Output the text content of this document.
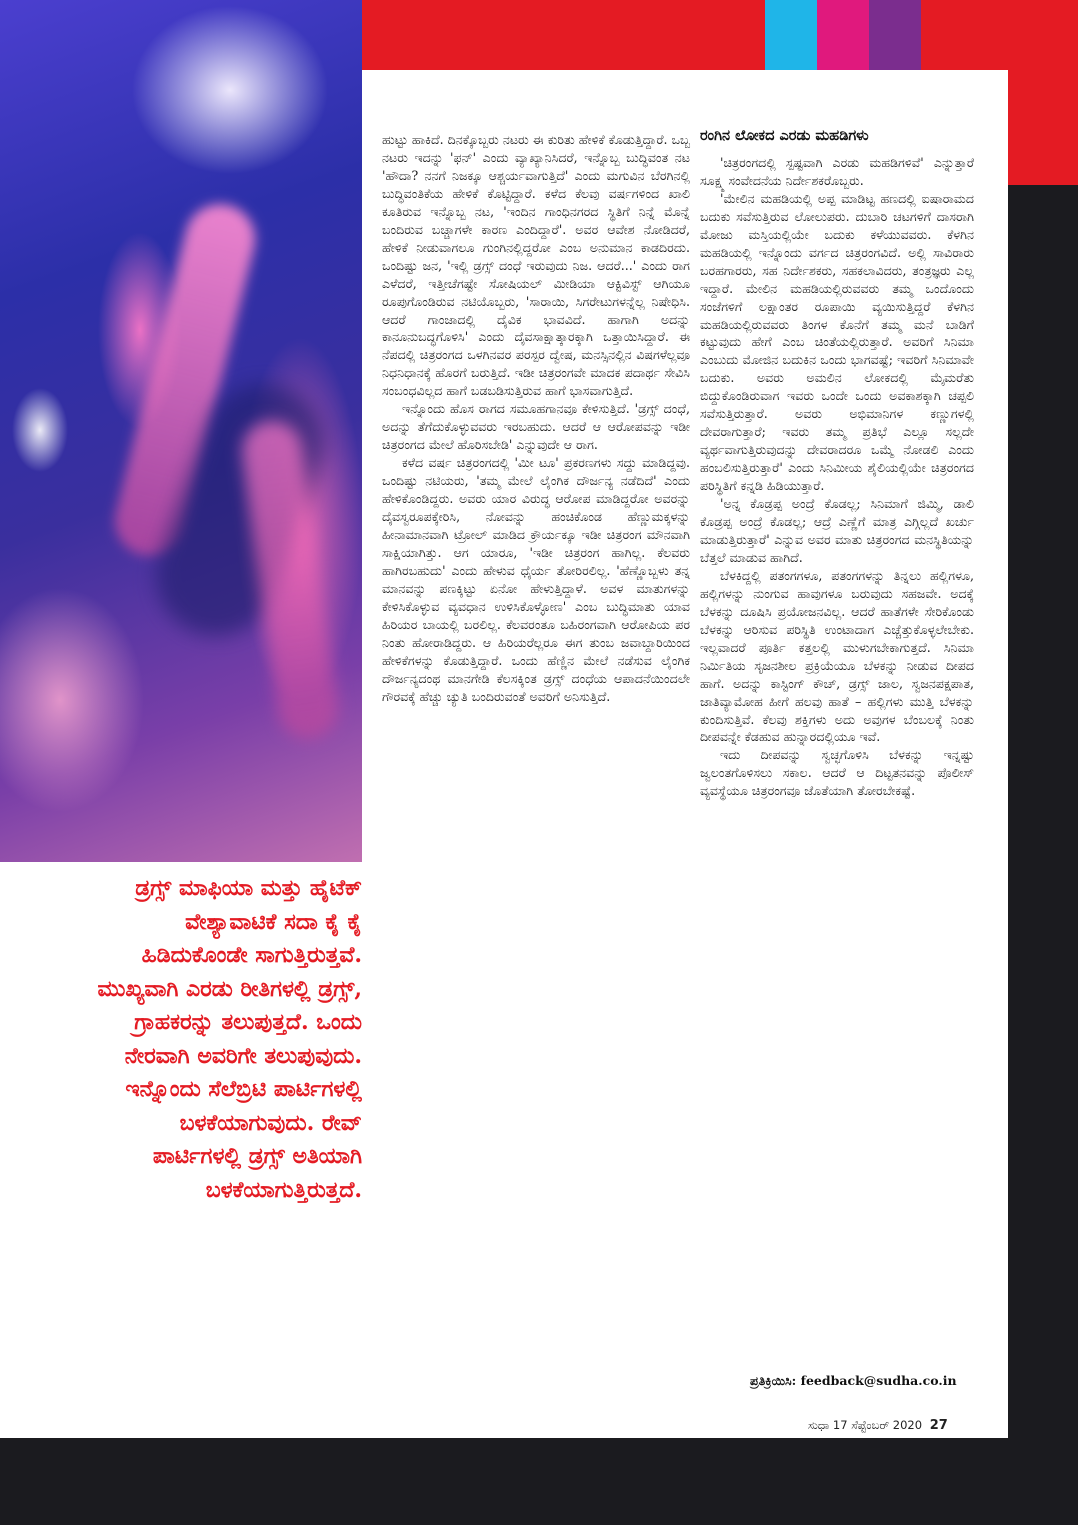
ಡ್ರಗ್ಸ್ ಮಾಫಿಯಾ ಮತ್ತು ಹೈಟೆಕ್ ವೇಶ್ಯಾವಾಟಿಕೆ ಸದಾ ಕೈ ಕೈ ಹಿಡಿದುಕೊಂಡೇ ಸಾಗುತ್ತಿರುತ್ತವೆ. ಮುಖ್ಯವಾಗಿ ಎರಡು ರೀತಿಗಳಲ್ಲಿ ಡ್ರಗ್ಸ್, ಗ್ರಾಹಕರನ್ನು ತಲುಪುತ್ತದೆ. ಒಂದು ನೇರವಾಗಿ ಅವರಿಗೇ ತಲುಪುವುದು. ಇನ್ನೊಂದು ಸೆಲೆಬ್ರಿಟಿ ಪಾರ್ಟಿಗಳಲ್ಲಿ ಬಳಕೆಯಾಗುವುದು. ರೇವ್ ಪಾರ್ಟಿಗಳಲ್ಲಿ ಡ್ರಗ್ಸ್ ಅತಿಯಾಗಿ ಬಳಕೆಯಾಗುತ್ತಿರುತ್ತದೆ.

ಹುಟ್ಟು ಹಾಕಿದೆ. ದಿನಕ್ಕೊಬ್ಬರು ನಟರು ಈ ಕುರಿತು ಹೇಳಿಕೆ ಕೊಡುತ್ತಿದ್ದಾರೆ. ಒಬ್ಬ ನಟರು ಇದನ್ನು 'ಫನ್' ಎಂದು ವ್ಯಾಖ್ಯಾನಿಸಿದರೆ, ಇನ್ನೊಬ್ಬ ಬುದ್ಧಿವಂತ ನಟ 'ಹೌದಾ? ನನಗೆ ನಿಜಕ್ಕೂ ಆಶ್ಚರ್ಯವಾಗುತ್ತಿದೆ' ಎಂದು ಮಗುವಿನ ಬೆರಗಿನಲ್ಲಿ ಬುದ್ಧಿವಂತಿಕೆಯ ಹೇಳಿಕೆ ಕೊಟ್ಟಿದ್ದಾರೆ. ಕಳೆದ ಕೆಲವು ವರ್ಷಗಳಿಂದ ಖಾಲಿ ಕೂತಿರುವ ಇನ್ನೊಬ್ಬ ನಟ, 'ಇಂದಿನ ಗಾಂಧಿನಗರದ ಸ್ಥಿತಿಗೆ ನಿನ್ನೆ ಮೊನ್ನೆ ಬಂದಿರುವ ಬಚ್ಚಾಗಳೇ ಕಾರಣ ಎಂದಿದ್ದಾರೆ'. ಅವರ ಆವೇಶ ನೋಡಿದರೆ, ಹೇಳಿಕೆ ನೀಡುವಾಗಲೂ ಗುಂಗಿನಲ್ಲಿದ್ದರೋ ಎಂಬ ಅನುಮಾನ ಕಾಡದಿರದು. ಒಂದಿಷ್ಟು ಜನ, 'ಇಲ್ಲಿ ಡ್ರಗ್ಸ್ ದಂಧೆ ಇರುವುದು ನಿಜ. ಆದರೆ...' ಎಂದು ರಾಗ ಎಳೆದರೆ, ಇತ್ತೀಚೆಗಷ್ಟೇ ಸೋಷಿಯಲ್ ಮೀಡಿಯಾ ಆಕ್ಟಿವಿಸ್ಟ್ ಆಗಿಯೂ ರೂಪುಗೊಂಡಿರುವ ನಟಿಯೊಬ್ಬರು, 'ಸಾರಾಯಿ, ಸಿಗರೇಟುಗಳನ್ನೆಲ್ಲ ನಿಷೇಧಿಸಿ. ಆದರೆ ಗಾಂಜಾದಲ್ಲಿ ದೈವಿಕ ಭಾವವಿದೆ. ಹಾಗಾಗಿ ಅದನ್ನು ಕಾನೂನುಬದ್ಧಗೊಳಿಸಿ' ಎಂದು ದೈವಸಾಕ್ಷಾತ್ಕಾರಕ್ಕಾಗಿ ಒತ್ತಾಯಿಸಿದ್ದಾರೆ. ಈ ನೆಪದಲ್ಲಿ ಚಿತ್ರರಂಗದ ಒಳಗಿನವರ ಪರಸ್ಪರ ದ್ವೇಷ, ಮನಸ್ಸಿನಲ್ಲಿನ ವಿಷಗಳೆಲ್ಲವೂ ನಿಧನಿಧಾನಕ್ಕೆ ಹೊರಗೆ ಬರುತ್ತಿದೆ. ಇಡೀ ಚಿತ್ರರಂಗವೇ ಮಾದಕ ಪದಾರ್ಥ ಸೇವಿಸಿ ಸಂಬಂಧವಿಲ್ಲದ ಹಾಗೆ ಬಡಬಡಿಸುತ್ತಿರುವ ಹಾಗೆ ಭಾಸವಾಗುತ್ತಿದೆ.

ಇನ್ನೊಂದು ಹೊಸ ರಾಗದ ಸಮೂಹಗಾನವೂ ಕೇಳಿಸುತ್ತಿದೆ. 'ಡ್ರಗ್ಸ್ ದಂಧೆ, ಅದನ್ನು ತೆಗೆದುಕೊಳ್ಳುವವರು ಇರಬಹುದು. ಆದರೆ ಆ ಆರೋಪವನ್ನು ಇಡೀ ಚಿತ್ರರಂಗದ ಮೇಲೆ ಹೊರಿಸಬೇಡಿ' ಎನ್ನುವುದೇ ಆ ರಾಗ.

ಕಳೆದ ವರ್ಷ ಚಿತ್ರರಂಗದಲ್ಲಿ 'ಮೀ ಟೂ' ಪ್ರಕರಣಗಳು ಸದ್ದು ಮಾಡಿದ್ದವು. ಒಂದಿಷ್ಟು ನಟಿಯರು, 'ತಮ್ಮ ಮೇಲೆ ಲೈಂಗಿಕ ದೌರ್ಜನ್ಯ ನಡೆದಿದೆ' ಎಂದು ಹೇಳಿಕೊಂಡಿದ್ದರು. ಅವರು ಯಾರ ವಿರುದ್ಧ ಆರೋಪ ಮಾಡಿದ್ದರೋ ಅವರನ್ನು ದೈವಸ್ವರೂಪಕ್ಕೇರಿಸಿ, ನೋವನ್ನು ಹಂಚಿಕೊಂಡ ಹೆಣ್ಣುಮಕ್ಕಳನ್ನು ಹೀನಾಮಾನವಾಗಿ ಟ್ರೋಲ್ ಮಾಡಿದ ಕ್ರೌರ್ಯಕ್ಕೂ ಇಡೀ ಚಿತ್ರರಂಗ ಮೌನವಾಗಿ ಸಾಕ್ಷಿಯಾಗಿತ್ತು. ಆಗ ಯಾರೂ, 'ಇಡೀ ಚಿತ್ರರಂಗ ಹಾಗಿಲ್ಲ. ಕೆಲವರು ಹಾಗಿರಬಹುದು' ಎಂದು ಹೇಳುವ ಧೈರ್ಯ ತೋರಿರಲಿಲ್ಲ. 'ಹೆಣ್ಣೊಬ್ಬಳು ತನ್ನ ಮಾನವನ್ನು ಪಣಕ್ಕಿಟ್ಟು ಏನೋ ಹೇಳುತ್ತಿದ್ದಾಳೆ. ಅವಳ ಮಾತುಗಳನ್ನು ಕೇಳಿಸಿಕೊಳ್ಳುವ ವ್ಯವಧಾನ ಉಳಿಸಿಕೊಳ್ಳೋಣ' ಎಂಬ ಬುದ್ಧಿಮಾತು ಯಾವ ಹಿರಿಯರ ಬಾಯಲ್ಲಿ ಬರಲಿಲ್ಲ. ಕೆಲವರಂತೂ ಬಹಿರಂಗವಾಗಿ ಆರೋಪಿಯ ಪರ ನಿಂತು ಹೋರಾಡಿದ್ದರು. ಆ ಹಿರಿಯರೆಲ್ಲರೂ ಈಗ ತುಂಬ ಜವಾಬ್ದಾರಿಯಿಂದ ಹೇಳಿಕೆಗಳನ್ನು ಕೊಡುತ್ತಿದ್ದಾರೆ. ಒಂದು ಹೆಣ್ಣಿನ ಮೇಲೆ ನಡೆಸುವ ಲೈಂಗಿಕ ದೌರ್ಜನ್ಯದಂಥ ಮಾನಗೇಡಿ ಕೆಲಸಕ್ಕಿಂತ ಡ್ರಗ್ಸ್ ದಂಧೆಯ ಆಪಾದನೆಯಿಂದಲೇ ಗೌರವಕ್ಕೆ ಹೆಚ್ಚು ಚ್ಯುತಿ ಬಂದಿರುವಂತೆ ಅವರಿಗೆ ಅನಿಸುತ್ತಿದೆ.

ರಂಗಿನ ಲೋಕದ ಎರಡು ಮಹಡಿಗಳು

'ಚಿತ್ರರಂಗದಲ್ಲಿ ಸ್ಪಷ್ಟವಾಗಿ ಎರಡು ಮಹಡಿಗಳಿವೆ' ಎನ್ನುತ್ತಾರೆ ಸೂಕ್ಷ್ಮ ಸಂವೇದನೆಯ ನಿರ್ದೇಶಕರೊಬ್ಬರು.

'ಮೇಲಿನ ಮಹಡಿಯಲ್ಲಿ ಅಪ್ಪ ಮಾಡಿಟ್ಟ ಹಣದಲ್ಲಿ ಐಷಾರಾಮದ ಬದುಕು ಸವೆಸುತ್ತಿರುವ ಲೋಲುಪರು. ದುಬಾರಿ ಚಟಗಳಿಗೆ ದಾಸರಾಗಿ ಮೋಜು ಮಸ್ತಿಯಲ್ಲಿಯೇ ಬದುಕು ಕಳೆಯುವವರು. ಕೆಳಗಿನ ಮಹಡಿಯಲ್ಲಿ ಇನ್ನೊಂದು ವರ್ಗದ ಚಿತ್ರರಂಗವಿದೆ. ಅಲ್ಲಿ ಸಾವಿರಾರು ಬರಹಗಾರರು, ಸಹ ನಿರ್ದೇಶಕರು, ಸಹಕಲಾವಿದರು, ತಂತ್ರಜ್ಞರು ಎಲ್ಲ ಇದ್ದಾರೆ. ಮೇಲಿನ ಮಹಡಿಯಲ್ಲಿರುವವರು ತಮ್ಮ ಒಂದೊಂದು ಸಂಜೆಗಳಿಗೆ ಲಕ್ಷಾಂತರ ರೂಪಾಯಿ ವ್ಯಯಿಸುತ್ತಿದ್ದರೆ ಕೆಳಗಿನ ಮಹಡಿಯಲ್ಲಿರುವವರು ತಿಂಗಳ ಕೊನೆಗೆ ತಮ್ಮ ಮನೆ ಬಾಡಿಗೆ ಕಟ್ಟುವುದು ಹೇಗೆ ಎಂಬ ಚಿಂತೆಯಲ್ಲಿರುತ್ತಾರೆ. ಅವರಿಗೆ ಸಿನಿಮಾ ಎಂಬುದು ಮೋಜಿನ ಬದುಕಿನ ಒಂದು ಭಾಗವಷ್ಟೆ; ಇವರಿಗೆ ಸಿನಿಮಾವೇ ಬದುಕು. ಅವರು ಅಮಲಿನ ಲೋಕದಲ್ಲಿ ಮೈಮರೆತು ಬಿದ್ದುಕೊಂಡಿರುವಾಗ ಇವರು ಒಂದೇ ಒಂದು ಅವಕಾಶಕ್ಕಾಗಿ ಚಪ್ಪಲಿ ಸವೆಸುತ್ತಿರುತ್ತಾರೆ. ಅವರು ಅಭಿಮಾನಿಗಳ ಕಣ್ಣುಗಳಲ್ಲಿ ದೇವರಾಗುತ್ತಾರೆ; ಇವರು ತಮ್ಮ ಪ್ರತಿಭೆ ಎಲ್ಲೂ ಸಲ್ಲದೇ ವ್ಯರ್ಥವಾಗುತ್ತಿರುವುದನ್ನು ದೇವರಾದರೂ ಒಮ್ಮೆ ನೋಡಲಿ ಎಂದು ಹಂಬಲಿಸುತ್ತಿರುತ್ತಾರೆ' ಎಂದು ಸಿನಿಮೀಯ ಶೈಲಿಯಲ್ಲಿಯೇ ಚಿತ್ರರಂಗದ ಪರಿಸ್ಥಿತಿಗೆ ಕನ್ನಡಿ ಹಿಡಿಯುತ್ತಾರೆ.

'ಅನ್ನ ಕೊಡ್ರಪ್ಪ ಅಂದ್ರೆ ಕೊಡಲ್ಲ; ಸಿನಿಮಾಗೆ ಜಿಮ್ಮಿ, ಡಾಲಿ ಕೊಡ್ರಪ್ಪ ಅಂದ್ರೆ ಕೊಡಲ್ಲ; ಆದ್ರೆ ಎಣ್ಣೆಗೆ ಮಾತ್ರ ಎಗ್ಗಿಲ್ಲದೆ ಖರ್ಚು ಮಾಡುತ್ತಿರುತ್ತಾರೆ' ಎನ್ನುವ ಅವರ ಮಾತು ಚಿತ್ರರಂಗದ ಮನಸ್ಥಿತಿಯನ್ನು ಬೆತ್ತಲೆ ಮಾಡುವ ಹಾಗಿದೆ.

ಬೆಳಕಿದ್ದಲ್ಲಿ ಪತಂಗಗಳೂ, ಪತಂಗಗಳನ್ನು ತಿನ್ನಲು ಹಲ್ಲಿಗಳೂ, ಹಲ್ಲಿಗಳನ್ನು ನುಂಗುವ ಹಾವುಗಳೂ ಬರುವುದು ಸಹಜವೇ. ಅದಕ್ಕೆ ಬೆಳಕನ್ನು ದೂಷಿಸಿ ಪ್ರಯೋಜನವಿಲ್ಲ. ಆದರೆ ಹಾತೆಗಳೇ ಸೇರಿಕೊಂಡು ಬೆಳಕನ್ನು ಆರಿಸುವ ಪರಿಸ್ಥಿತಿ ಉಂಟಾದಾಗ ಎಚ್ಚೆತ್ತುಕೊಳ್ಳಲೇಬೇಕು. ಇಲ್ಲವಾದರೆ ಪೂರ್ತಿ ಕತ್ತಲಲ್ಲಿ ಮುಳುಗಬೇಕಾಗುತ್ತದೆ. ಸಿನಿಮಾ ನಿರ್ಮಿತಿಯ ಸೃಜನಶೀಲ ಪ್ರಕ್ರಿಯೆಯೂ ಬೆಳಕನ್ನು ನೀಡುವ ದೀಪದ ಹಾಗೆ. ಅದನ್ನು ಕಾಸ್ಟಿಂಗ್ ಕೌಚ್, ಡ್ರಗ್ಸ್ ಜಾಲ, ಸ್ವಜನಪಕ್ಷಪಾತ, ಜಾತಿವ್ಯಾಮೋಹ ಹೀಗೆ ಹಲವು ಹಾತೆ – ಹಲ್ಲಿಗಳು ಮುತ್ತಿ ಬೆಳಕನ್ನು ಕುಂದಿಸುತ್ತಿವೆ. ಕೆಲವು ಶಕ್ತಿಗಳು ಅದು ಅವುಗಳ ಬೆಂಬಲಕ್ಕೆ ನಿಂತು ದೀಪವನ್ನೇ ಕೆಡಹುವ ಹುನ್ನಾರದಲ್ಲಿಯೂ ಇವೆ.

ಇದು ದೀಪವನ್ನು ಸ್ವಚ್ಛಗೊಳಿಸಿ ಬೆಳಕನ್ನು ಇನ್ನಷ್ಟು ಜ್ವಲಂತಗೊಳಿಸಲು ಸಕಾಲ. ಆದರೆ ಆ ದಿಟ್ಟತನವನ್ನು ಪೊಲೀಸ್ ವ್ಯವಸ್ಥೆಯೂ ಚಿತ್ರರಂಗವೂ ಜೊತೆಯಾಗಿ ತೋರಬೇಕಷ್ಟೆ.

ಪ್ರತಿಕ್ರಿಯಿಸಿ: feedback@sudha.co.in
ಸುಧಾ 17 ಸೆಪ್ಟೆಂಬರ್ 2020 27
